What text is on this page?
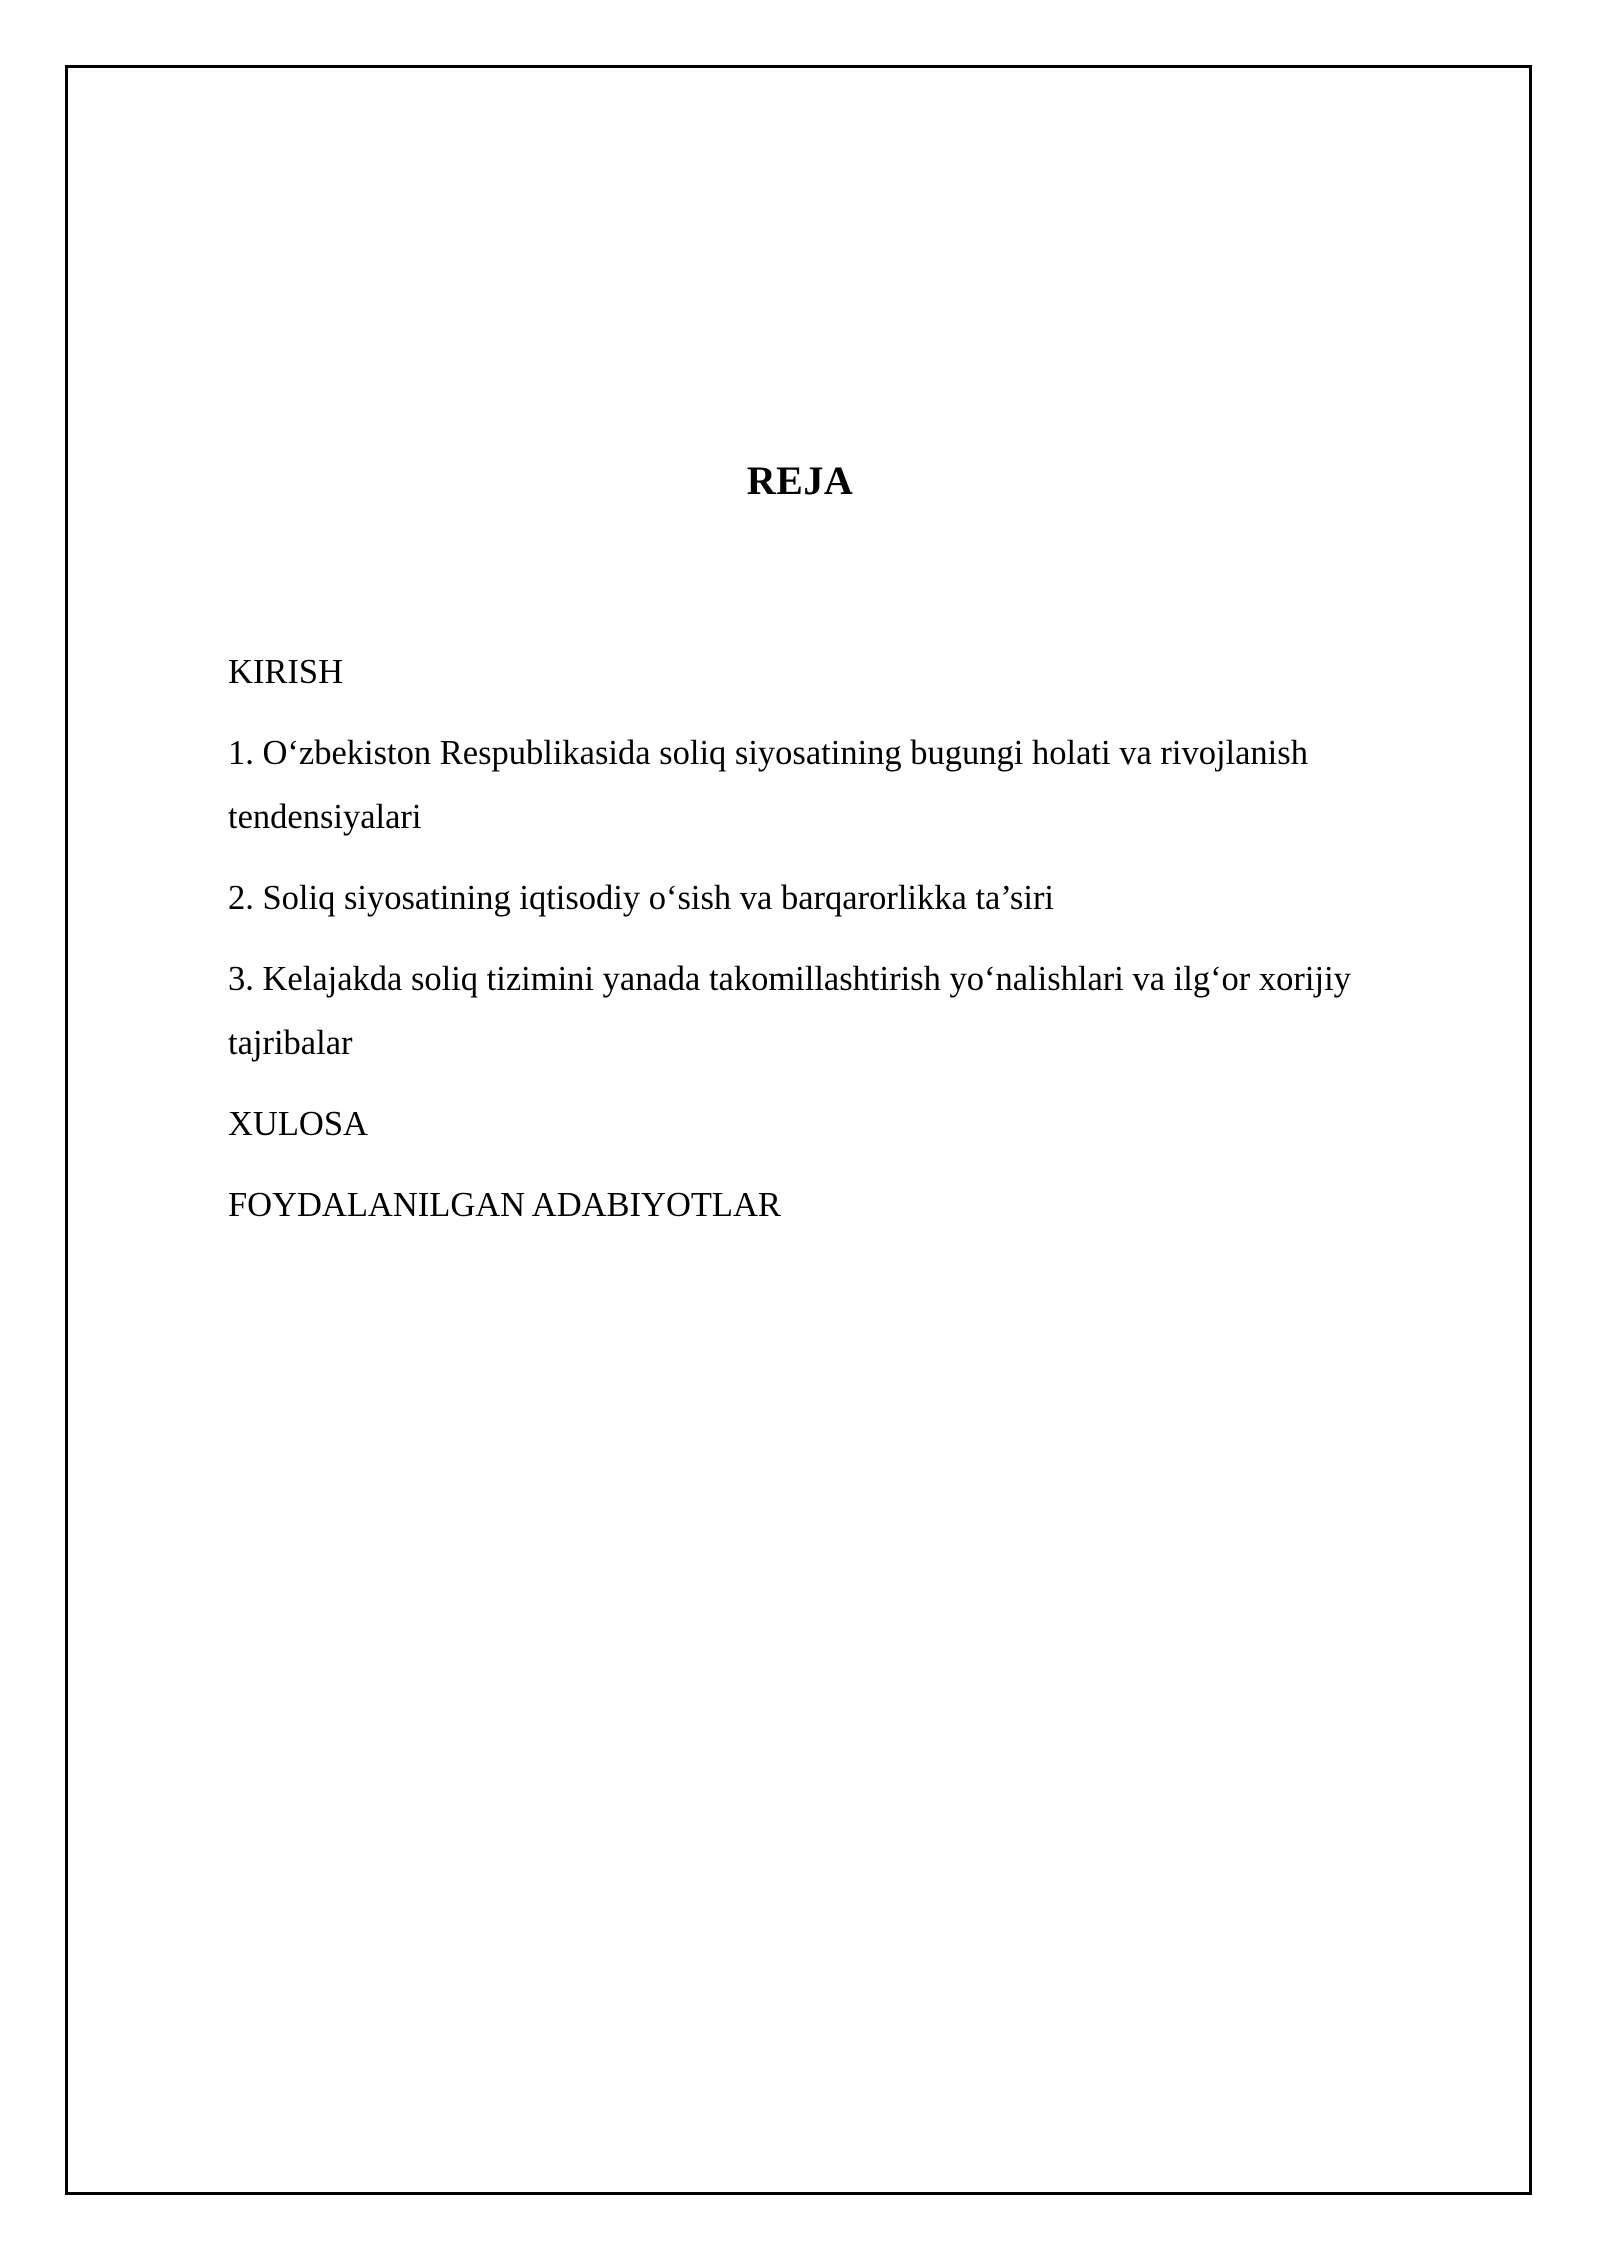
REJA
KIRISH
1. O‘zbekiston Respublikasida soliq siyosatining bugungi holati va rivojlanish tendensiyalari
2. Soliq siyosatining iqtisodiy o‘sish va barqarorlikka ta’siri
3. Kelajakda soliq tizimini yanada takomillashtirish yo‘nalishlari va ilg‘or xorijiy tajribalar
XULOSA
FOYDALANILGAN ADABIYOTLAR
